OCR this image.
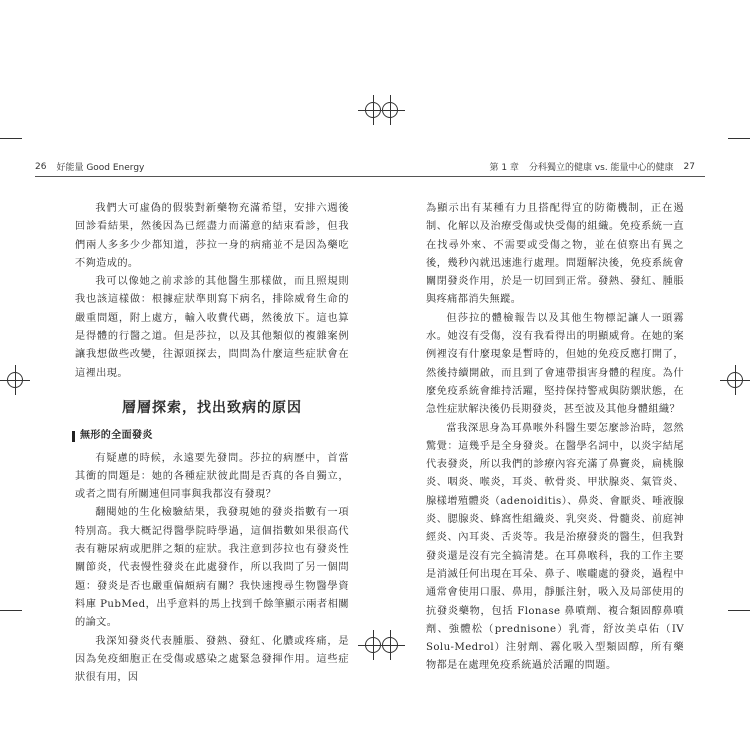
26 好能量 Good Energy

我們大可虛偽的假裝對新藥物充滿希望，安排六週後回診看結果，然後因為已經盡力而滿意的結束看診，但我們兩人多多少少都知道，莎拉一身的病痛並不是因為藥吃不夠造成的。

我可以像她之前求診的其他醫生那樣做，而且照規則我也該這樣做：根據症狀準則寫下病名，排除威脅生命的嚴重問題，附上處方，輸入收費代碼，然後放下。這也算是得體的行醫之道。但是莎拉，以及其他類似的複雜案例讓我想做些改變，往源頭探去，問問為什麼這些症狀會在這裡出現。

層層探索，找出致病的原因
無形的全面發炎

有疑慮的時候，永遠要先發問。莎拉的病歷中，首當其衝的問題是：她的各種症狀彼此間是否真的各自獨立，或者之間有所關連但同事與我都沒有發現？

翻閱她的生化檢驗結果，我發現她的發炎指數有一項特別高。我大概記得醫學院時學過，這個指數如果很高代表有糖尿病或肥胖之類的症狀。我注意到莎拉也有發炎性關節炎，代表慢性發炎在此處發作，所以我問了另一個問題：發炎是否也嚴重偏頗病有關？我快速搜尋生物醫學資料庫 PubMed，出乎意料的馬上找到千餘筆顯示兩者相關的論文。

我深知發炎代表腫脹、發熱、發紅、化膿或疼痛，是因為免疫細胞正在受傷或感染之處緊急發揮作用。這些症狀很有用，因

第 1 章 分科獨立的健康 vs. 能量中心的健康 27

為顯示出有某種有力且搭配得宜的防衛機制，正在遏制、化解以及治療受傷或快受傷的組織。免疫系統一直在找尋外來、不需要或受傷之物，並在偵察出有異之後，幾秒內就迅速進行處理。問題解決後，免疫系統會關閉發炎作用，於是一切回到正常。發熱、發紅、腫脹與疼痛都消失無蹤。

但莎拉的體檢報告以及其他生物標記讓人一頭霧水。她沒有受傷，沒有我看得出的明顯威脅。在她的案例裡沒有什麼現象是暫時的，但她的免疫反應打開了，然後持續開啟，而且到了會連帶損害身體的程度。為什麼免疫系統會維持活躍，堅持保持警戒與防禦狀態，在急性症狀解決後仍長期發炎，甚至波及其他身體組織？

當我深思身為耳鼻喉外科醫生要怎麼診治時，忽然驚覺：這幾乎是全身發炎。在醫學名詞中，以炎字結尾代表發炎，所以我們的診療內容充滿了鼻竇炎，扁桃腺炎、咽炎、喉炎，耳炎、軟骨炎、甲狀腺炎、氣管炎、腺樣增殖體炎（adenoiditis）、鼻炎、會厭炎、唾液腺炎、腮腺炎、蜂窩性組織炎、乳突炎、骨髓炎、前庭神經炎、內耳炎、舌炎等。我是治療發炎的醫生，但我對發炎還是沒有完全搞清楚。在耳鼻喉科，我的工作主要是消滅任何出現在耳朵、鼻子、喉嚨處的發炎，過程中通常會使用口服、鼻用，靜脈注射，吸入及局部使用的抗發炎藥物，包括 Flonase 鼻噴劑、複合類固醇鼻噴劑、強體松（prednisone）乳膏，舒汝美卓佑（IV Solu-Medrol）注射劑、霧化吸入型類固醇，所有藥物都是在處理免疫系統過於活躍的問題。
